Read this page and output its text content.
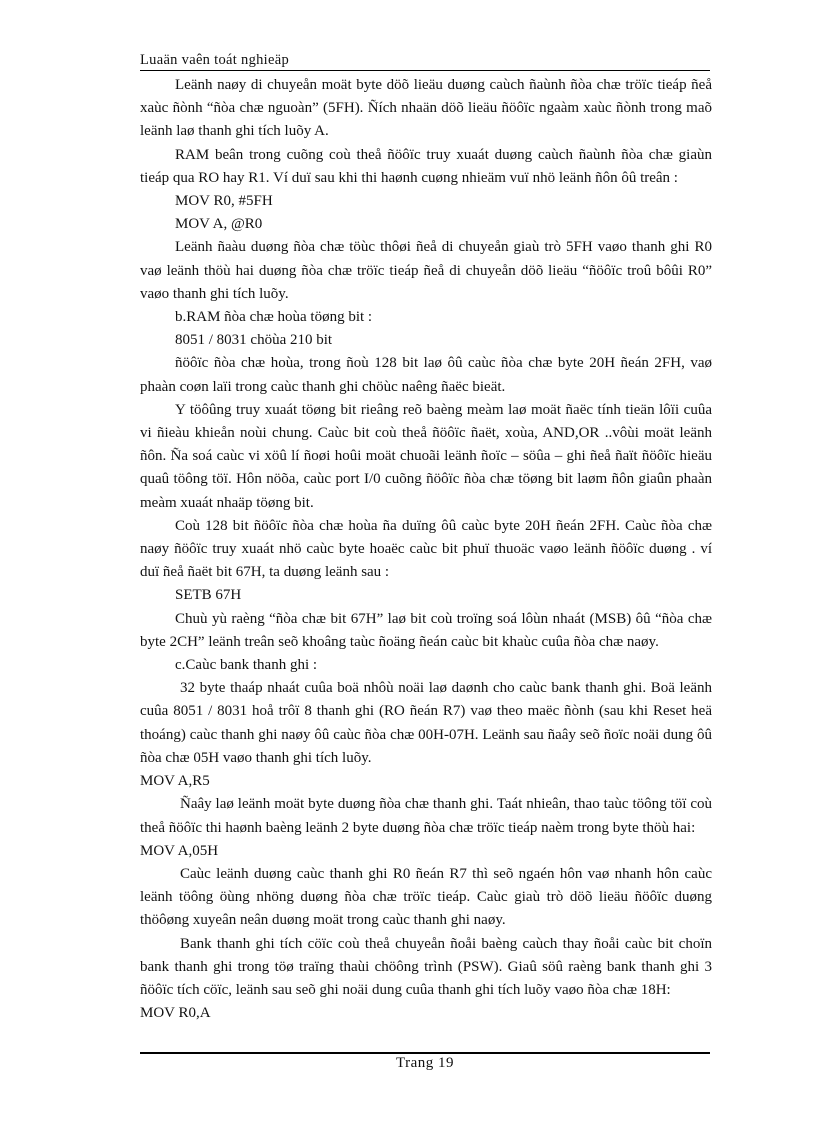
Luaän vaên toát nghieäp

Leänh naøy di chuyeån moät byte döõ lieäu duøng caùch ñaùnh ñòa chæ tröïc tieáp ñeå xaùc ñònh “ñòa chæ nguoàn” (5FH). Ñích nhaän döõ lieäu ñöôïc ngaàm xaùc ñònh trong maõ leänh laø thanh ghi tích luõy A.

RAM beân trong cuõng coù theå ñöôïc truy xuaát duøng caùch ñaùnh ñòa chæ giaùn tieáp qua RO hay R1. Ví duï sau khi thi haønh cuøng nhieäm vuï nhö leänh ñôn ôû treân :

MOV R0, #5FH

MOV A, @R0

Leänh ñaàu duøng ñòa chæ töùc thôøi ñeå di chuyeån giaù trò 5FH vaøo thanh ghi R0 vaø leänh thöù hai duøng ñòa chæ tröïc tieáp ñeå di chuyeån döõ lieäu “ñöôïc troû bôûi R0” vaøo thanh ghi tích luõy.

b.RAM ñòa chæ hoùa töøng bit :

8051 / 8031 chöùa 210 bit

ñöôïc ñòa chæ hoùa, trong ñoù 128 bit laø ôû caùc ñòa chæ byte 20H ñeán 2FH, vaø phaàn coøn laïi trong caùc thanh ghi chöùc naêng ñaëc bieät.

Y töôûng truy xuaát töøng bit rieâng reõ baèng meàm laø moät ñaëc tính tieän lôïi cuûa vi ñieàu khieån noùi chung. Caùc bit coù theå ñöôïc ñaët, xoùa, AND,OR ..vôùi moät leänh ñôn. Ña soá caùc vi xöû lí ñoøi hoûi moät chuoãi leänh ñoïc – söûa – ghi ñeå ñaït ñöôïc hieäu quaû töông töï. Hôn nöõa, caùc port I/0 cuõng ñöôïc ñòa chæ töøng bit laøm ñôn giaûn phaàn meàm xuaát nhaäp töøng bit.

Coù 128 bit ñöôïc ñòa chæ hoùa ña duïng ôû caùc byte 20H ñeán 2FH. Caùc ñòa chæ naøy ñöôïc truy xuaát nhö caùc byte hoaëc caùc bit phuï thuoäc vaøo leänh ñöôïc duøng . ví duï ñeå ñaët bit 67H, ta duøng leänh sau :

SETB 67H

Chuù yù raèng “ñòa chæ bit 67H” laø bit coù troïng soá lôùn nhaát (MSB) ôû “ñòa chæ byte 2CH” leänh treân seõ khoâng taùc ñoäng ñeán caùc bit khaùc cuûa ñòa chæ naøy.

c.Caùc bank thanh ghi :

32 byte thaáp nhaát cuûa boä nhôù noäi laø daønh cho caùc bank thanh ghi. Boä leänh cuûa 8051 / 8031 hoå trôï 8 thanh ghi (RO ñeán R7) vaø theo maëc ñònh (sau khi Reset heä thoáng) caùc thanh ghi naøy ôû caùc ñòa chæ 00H-07H. Leänh sau ñaây seõ ñoïc noäi dung ôû ñòa chæ 05H vaøo thanh ghi tích luõy.

MOV A,R5

Ñaây laø leänh moät byte duøng ñòa chæ thanh ghi. Taát nhieân, thao taùc töông töï coù theå ñöôïc thi haønh baèng leänh 2 byte duøng ñòa chæ tröïc tieáp naèm trong byte thöù hai:

MOV A,05H

Caùc leänh duøng caùc thanh ghi R0 ñeán R7 thì seõ ngaén hôn vaø nhanh hôn caùc leänh töông öùng nhöng duøng ñòa chæ tröïc tieáp. Caùc giaù trò döõ lieäu ñöôïc duøng thöôøng xuyeân neân duøng moät trong caùc thanh ghi naøy.

Bank thanh ghi tích cöïc coù theå chuyeån ñoåi baèng caùch thay ñoåi caùc bit choïn bank thanh ghi trong töø traïng thaùi chöông trình (PSW). Giaû söû raèng bank thanh ghi 3 ñöôïc tích cöïc, leänh sau seõ ghi noäi dung cuûa thanh ghi tích luõy vaøo ñòa chæ 18H:

MOV R0,A

Trang 19
